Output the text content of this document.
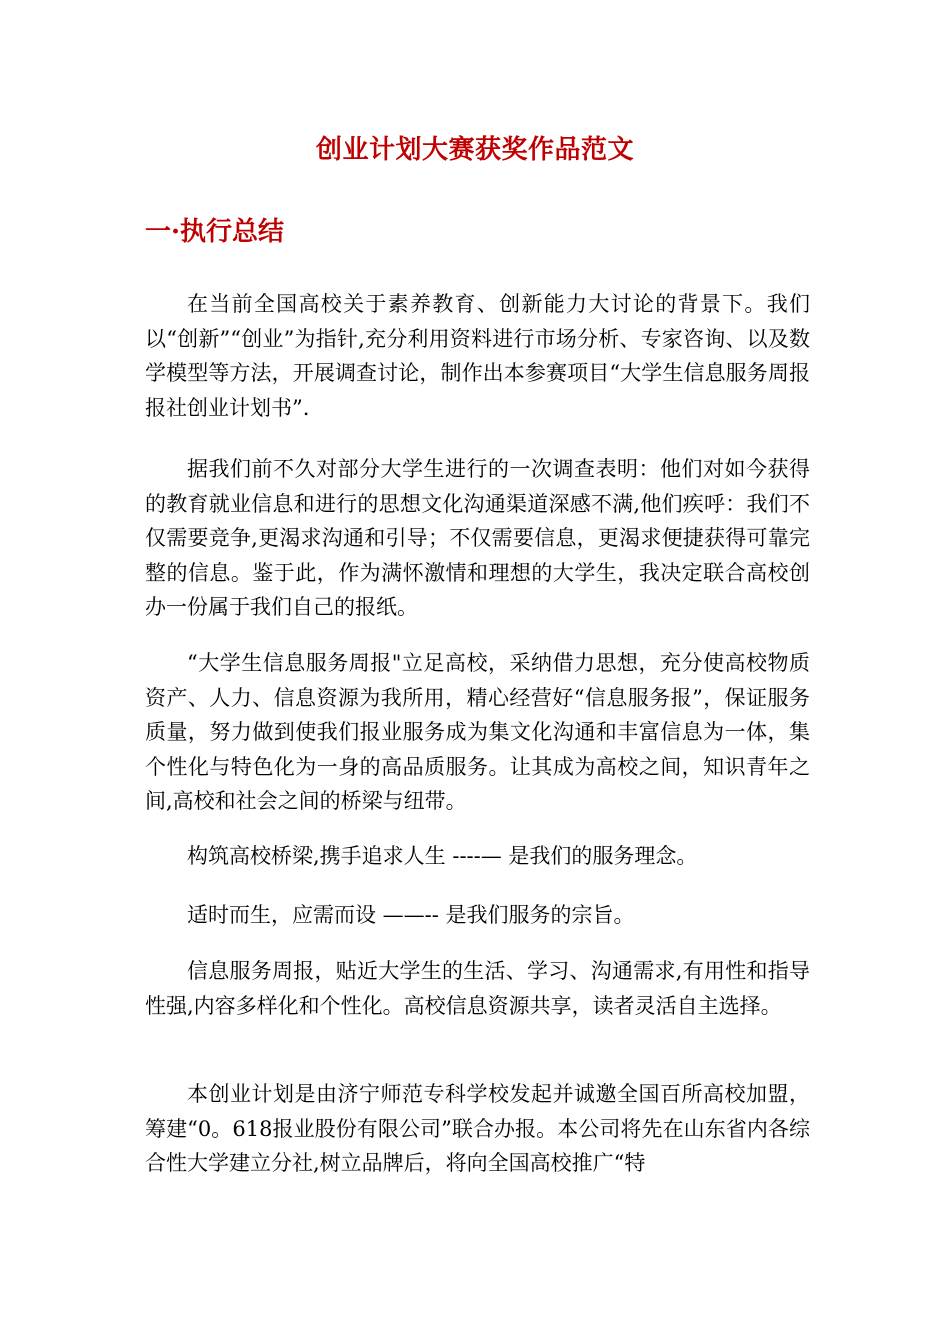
创业计划大赛获奖作品范文
一·执行总结

在当前全国高校关于素养教育、创新能力大讨论的背景下。我们以“创新”“创业”为指针,充分利用资料进行市场分析、专家咨询、以及数学模型等方法，开展调查讨论，制作出本参赛项目“大学生信息服务周报报社创业计划书”.

据我们前不久对部分大学生进行的一次调查表明：他们对如今获得的教育就业信息和进行的思想文化沟通渠道深感不满,他们疾呼：我们不仅需要竞争,更渴求沟通和引导；不仅需要信息，更渴求便捷获得可靠完整的信息。鉴于此，作为满怀激情和理想的大学生，我决定联合高校创办一份属于我们自己的报纸。

“大学生信息服务周报"立足高校，采纳借力思想，充分使高校物质资产、人力、信息资源为我所用，精心经营好“信息服务报”，保证服务质量，努力做到使我们报业服务成为集文化沟通和丰富信息为一体，集个性化与特色化为一身的高品质服务。让其成为高校之间，知识青年之间,高校和社会之间的桥梁与纽带。

构筑高校桥梁,携手追求人生 ----— 是我们的服务理念。

适时而生，应需而设 ——-- 是我们服务的宗旨。

信息服务周报，贴近大学生的生活、学习、沟通需求,有用性和指导性强,内容多样化和个性化。高校信息资源共享，读者灵活自主选择。

本创业计划是由济宁师范专科学校发起并诚邀全国百所高校加盟，筹建“0。618报业股份有限公司”联合办报。本公司将先在山东省内各综合性大学建立分社,树立品牌后，将向全国高校推广“特
